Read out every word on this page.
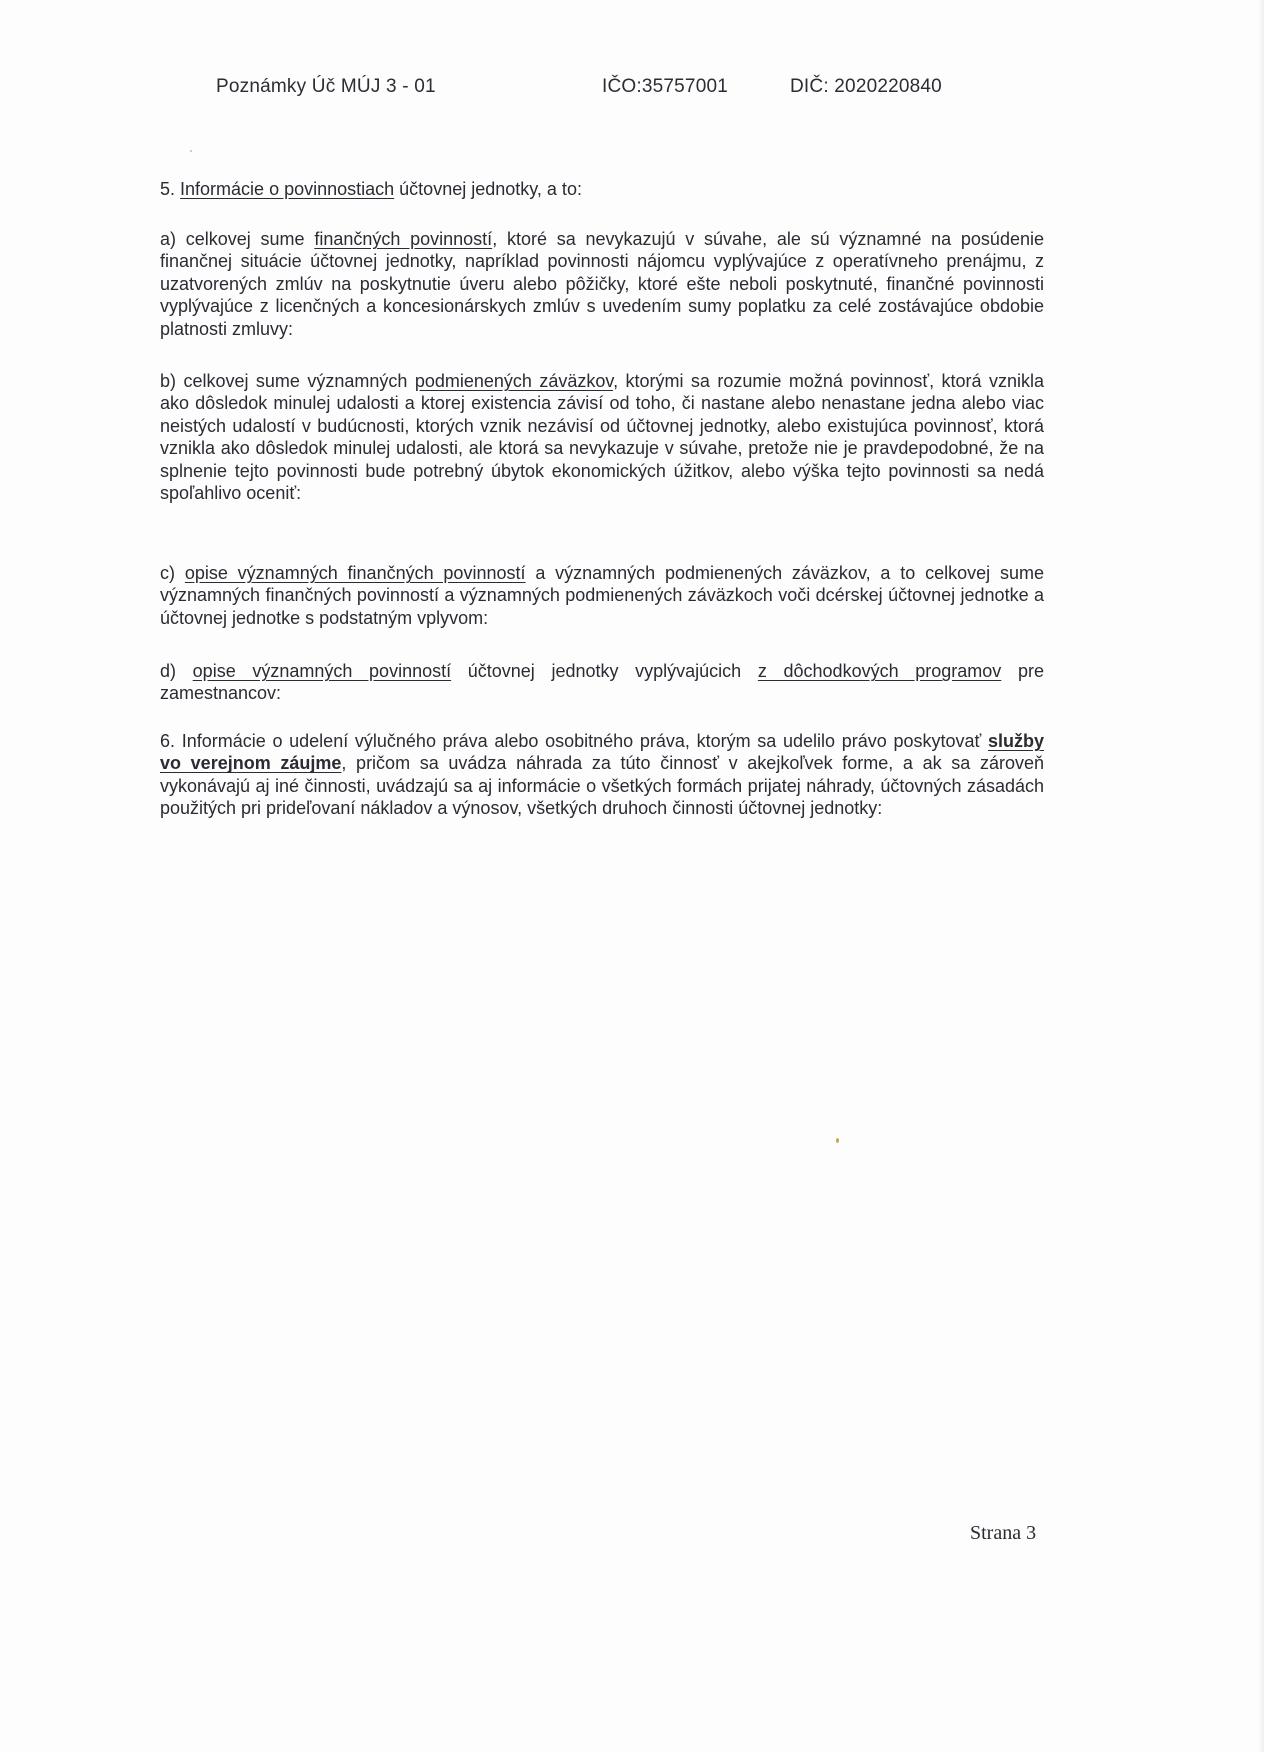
Poznámky Úč MÚJ 3 - 01	IČO:35757001	DIČ: 2020220840
5. Informácie o povinnostiach účtovnej jednotky, a to:
a) celkovej sume finančných povinností, ktoré sa nevykazujú v súvahe, ale sú významné na posúdenie finančnej situácie účtovnej jednotky, napríklad povinnosti nájomcu vyplývajúce z operatívneho prenájmu, z uzatvorených zmlúv na poskytnutie úveru alebo pôžičky, ktoré ešte neboli poskytnuté, finančné povinnosti vyplývajúce z licenčných a koncesionárskych zmlúv s uvedením sumy poplatku za celé zostávajúce obdobie platnosti zmluvy:
b) celkovej sume významných podmienených záväzkov, ktorými sa rozumie možná povinnosť, ktorá vznikla ako dôsledok minulej udalosti a ktorej existencia závisí od toho, či nastane alebo nenastane jedna alebo viac neistých udalostí v budúcnosti, ktorých vznik nezávisí od účtovnej jednotky, alebo existujúca povinnosť, ktorá vznikla ako dôsledok minulej udalosti, ale ktorá sa nevykazuje v súvahe, pretože nie je pravdepodobné, že na splnenie tejto povinnosti bude potrebný úbytok ekonomických úžitkov, alebo výška tejto povinnosti sa nedá spoľahlivo oceniť:
c) opise významných finančných povinností a významných podmienených záväzkov, a to celkovej sume významných finančných povinností a významných podmienených záväzkoch voči dcérskej účtovnej jednotke a účtovnej jednotke s podstatným vplyvom:
d) opise významných povinností účtovnej jednotky vyplývajúcich z dôchodkových programov pre zamestnancov:
6. Informácie o udelení výlučného práva alebo osobitného práva, ktorým sa udelilo právo poskytovať služby vo verejnom záujme, pričom sa uvádza náhrada za túto činnosť v akejkoľvek forme, a ak sa zároveň vykonávajú aj iné činnosti, uvádzajú sa aj informácie o všetkých formách prijatej náhrady, účtovných zásadách použitých pri prideľovaní nákladov a výnosov, všetkých druhoch činnosti účtovnej jednotky:
Strana 3
